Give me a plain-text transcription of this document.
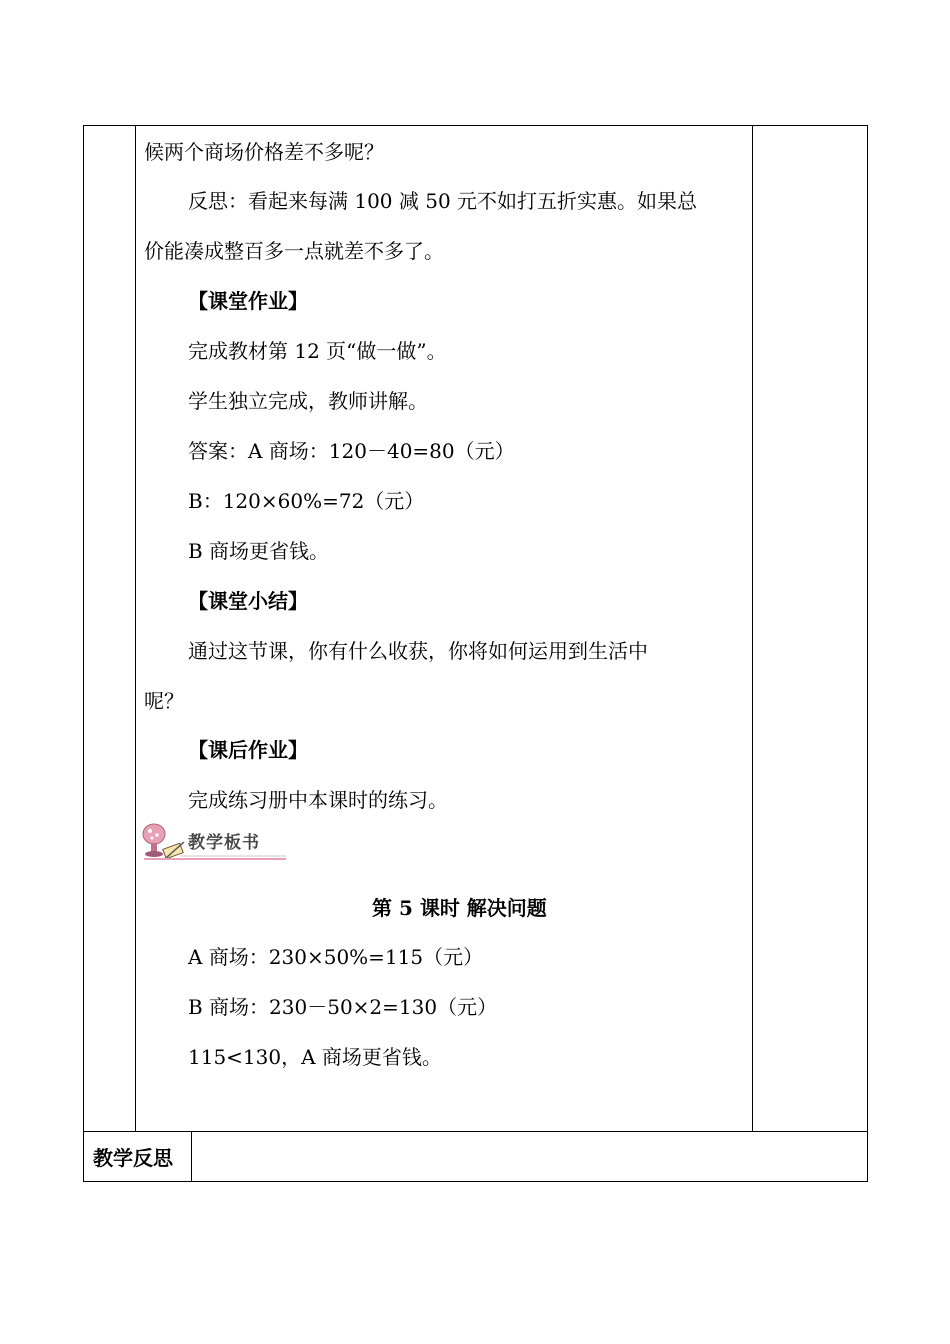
候两个商场价格差不多呢？
反思：看起来每满 100 减 50 元不如打五折实惠。如果总
价能凑成整百多一点就差不多了。
【课堂作业】
完成教材第 12 页“做一做”。
学生独立完成，教师讲解。
答案：A 商场：120－40=80（元）
B：120×60%=72（元）
B 商场更省钱。
【课堂小结】
通过这节课，你有什么收获，你将如何运用到生活中
呢？
【课后作业】
完成练习册中本课时的练习。
教学板书
第 5 课时 解决问题
A 商场：230×50%=115（元）
B 商场：230－50×2=130（元）
115<130，A 商场更省钱。
教学反思
